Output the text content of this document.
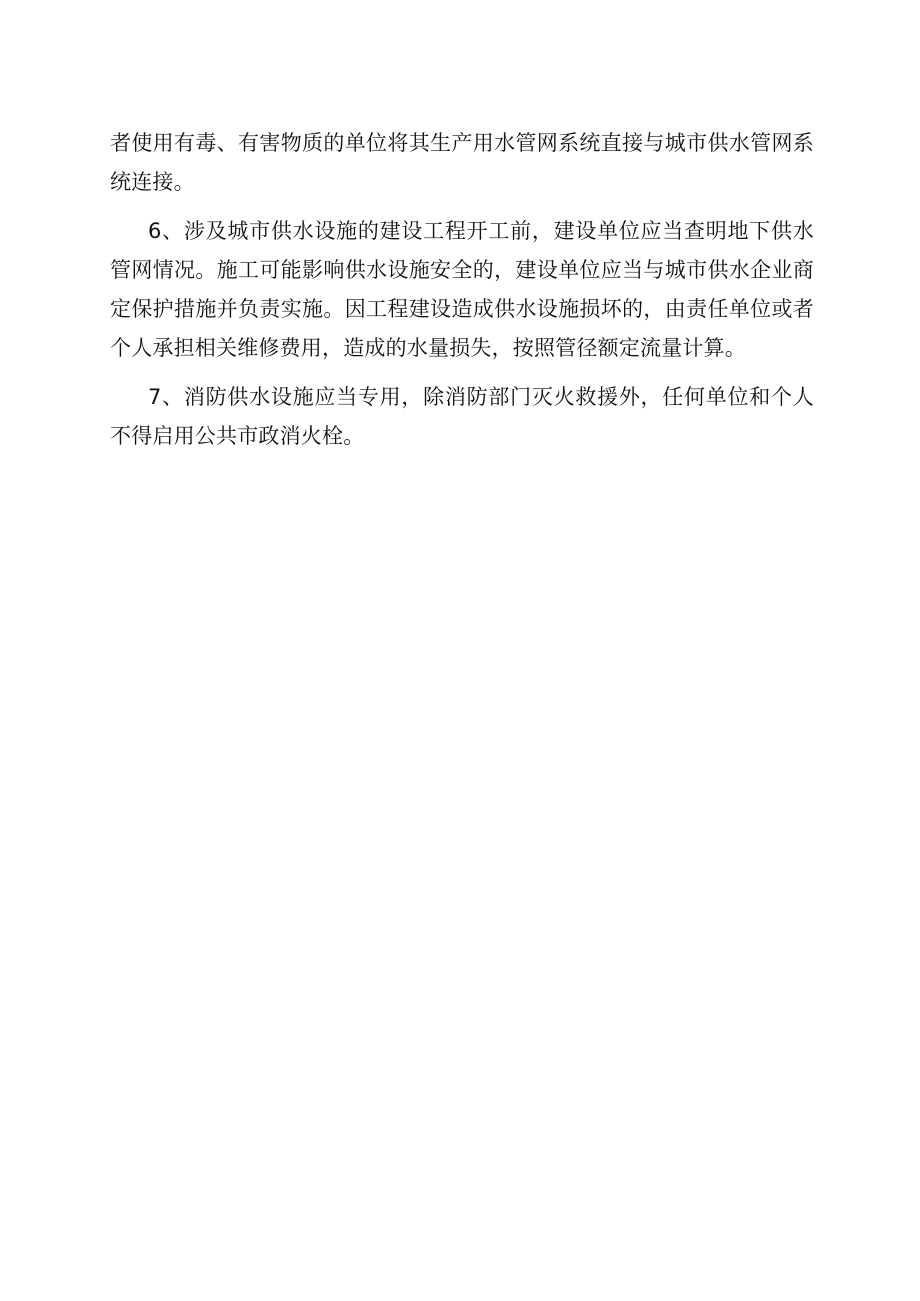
者使用有毒、有害物质的单位将其生产用水管网系统直接与城市供水管网系
统连接。
6、涉及城市供水设施的建设工程开工前，建设单位应当查明地下供水
管网情况。施工可能影响供水设施安全的，建设单位应当与城市供水企业商
定保护措施并负责实施。因工程建设造成供水设施损坏的，由责任单位或者
个人承担相关维修费用，造成的水量损失，按照管径额定流量计算。
7、消防供水设施应当专用，除消防部门灭火救援外，任何单位和个人
不得启用公共市政消火栓。
